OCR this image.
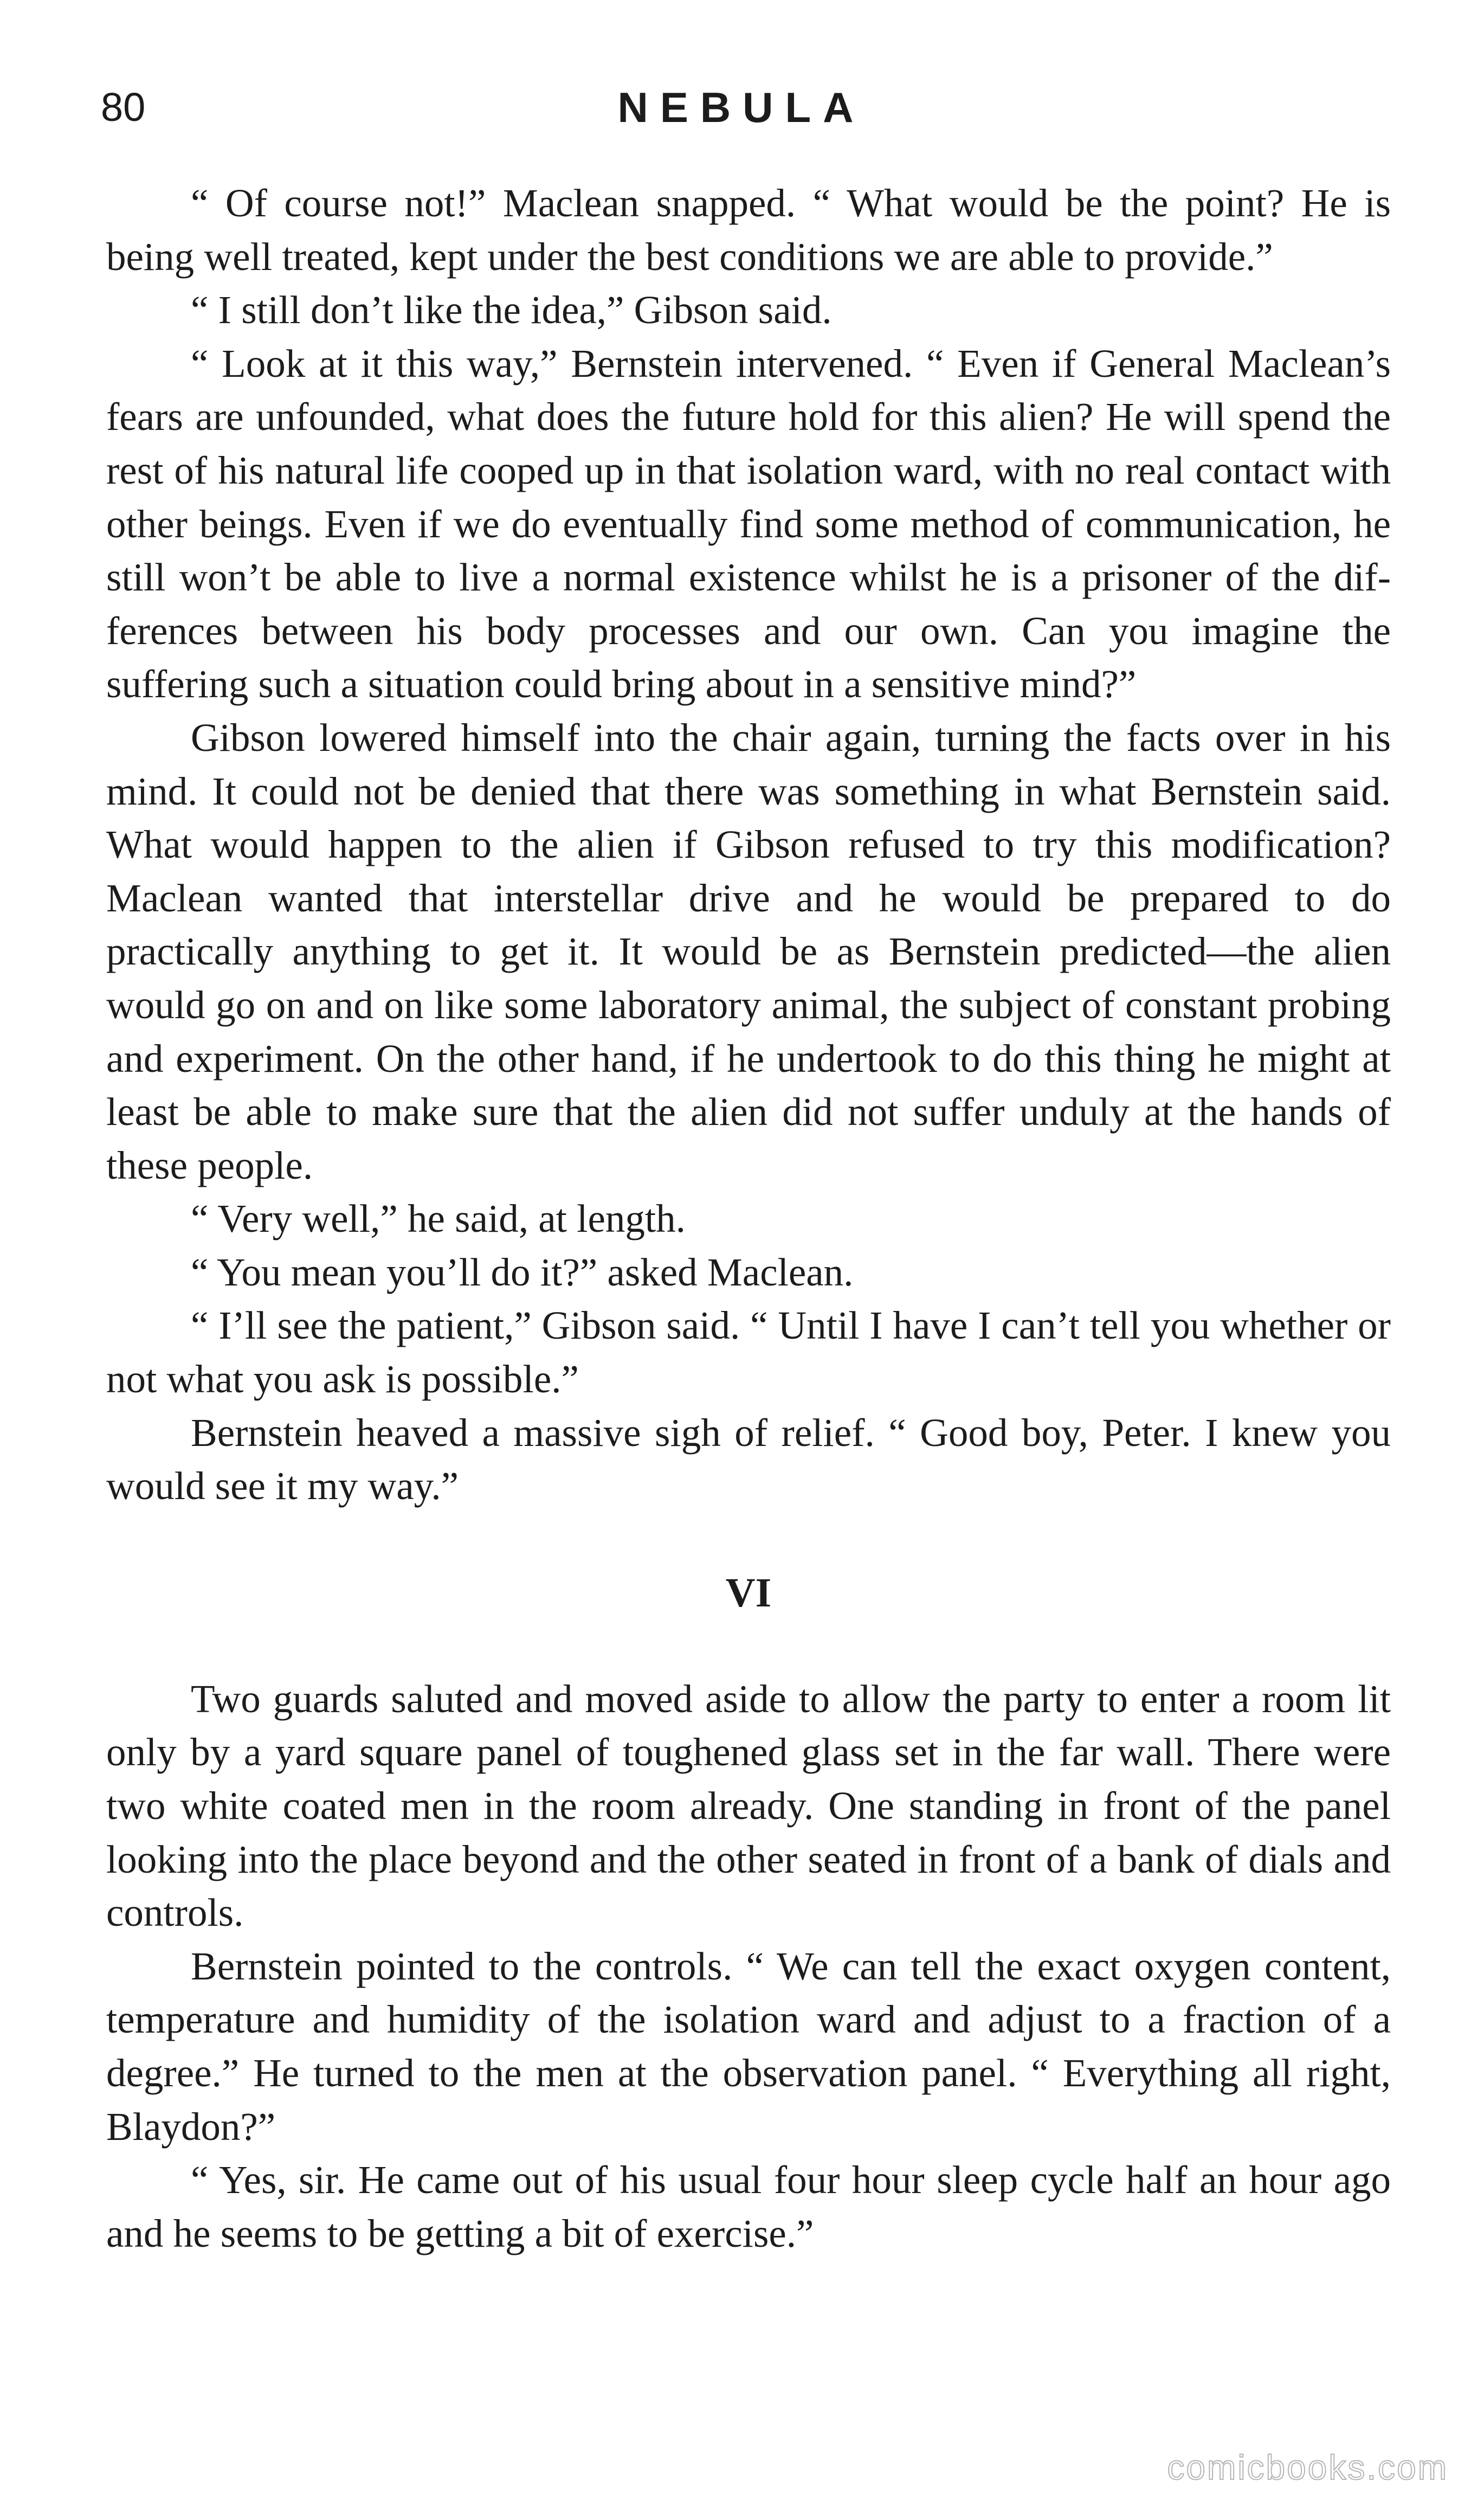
80	NEBULA

“ Of course not!” Maclean snapped. “ What would be the point? He is being well treated, kept under the best conditions we are able to provide.”

“ I still don’t like the idea,” Gibson said.

“ Look at it this way,” Bernstein intervened. “ Even if General Maclean’s fears are unfounded, what does the future hold for this alien? He will spend the rest of his natural life cooped up in that isolation ward, with no real contact with other beings. Even if we do eventually find some method of communication, he still won’t be able to live a normal existence whilst he is a prisoner of the differences between his body processes and our own. Can you imagine the suffering such a situation could bring about in a sensitive mind?”

Gibson lowered himself into the chair again, turning the facts over in his mind. It could not be denied that there was something in what Bernstein said. What would happen to the alien if Gibson refused to try this modification? Maclean wanted that interstellar drive and he would be prepared to do practically anything to get it. It would be as Bernstein predicted—the alien would go on and on like some laboratory animal, the subject of constant probing and experiment. On the other hand, if he undertook to do this thing he might at least be able to make sure that the alien did not suffer unduly at the hands of these people.

“ Very well,” he said, at length.

“ You mean you’ll do it?” asked Maclean.

“ I’ll see the patient,” Gibson said. “ Until I have I can’t tell you whether or not what you ask is possible.”

Bernstein heaved a massive sigh of relief. “ Good boy, Peter. I knew you would see it my way.”

VI

Two guards saluted and moved aside to allow the party to enter a room lit only by a yard square panel of toughened glass set in the far wall. There were two white coated men in the room already. One standing in front of the panel looking into the place beyond and the other seated in front of a bank of dials and controls.

Bernstein pointed to the controls. “ We can tell the exact oxygen content, temperature and humidity of the isolation ward and adjust to a fraction of a degree.” He turned to the men at the observation panel. “ Everything all right, Blaydon?”

“ Yes, sir. He came out of his usual four hour sleep cycle half an hour ago and he seems to be getting a bit of exercise.”

comicbooks.com
